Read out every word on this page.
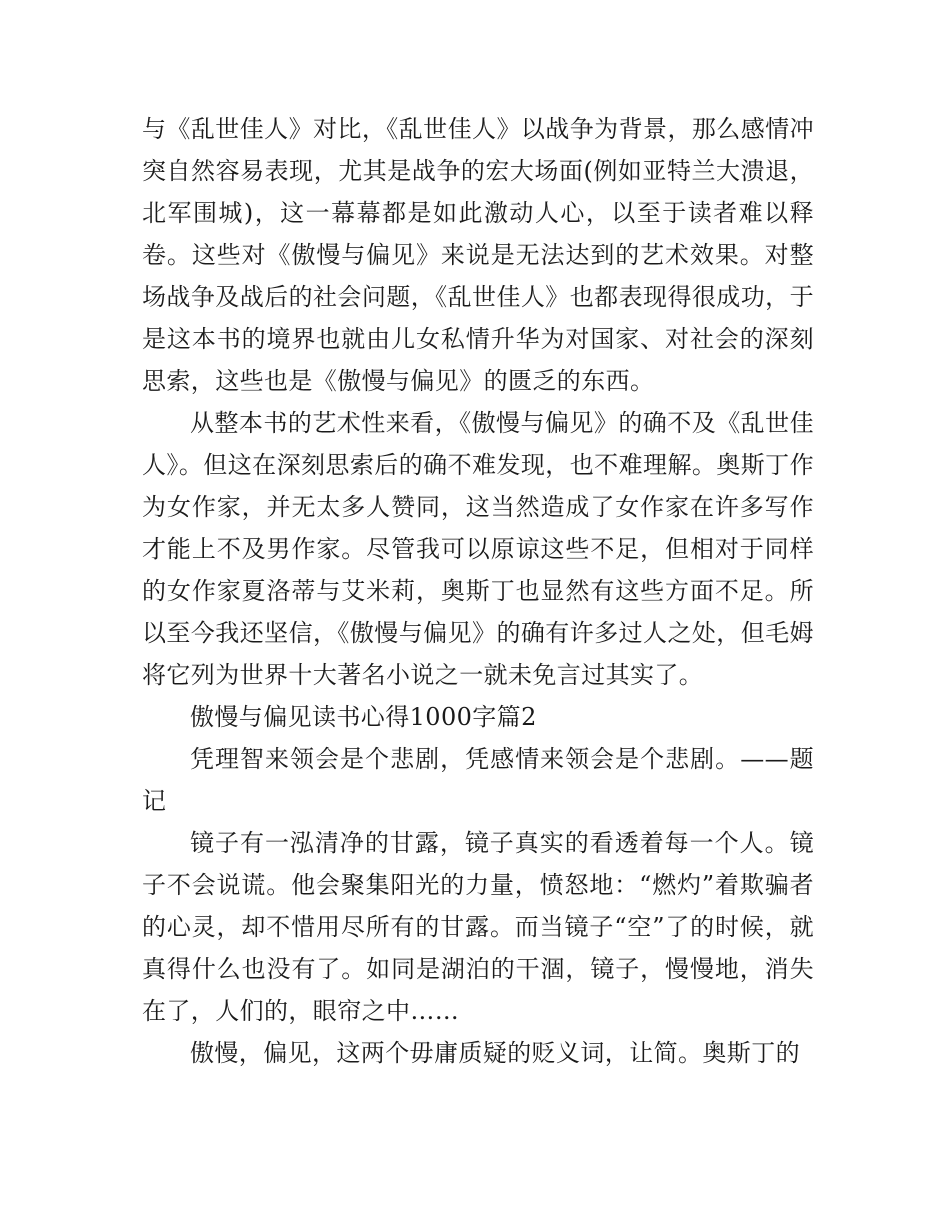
与《乱世佳人》对比，《乱世佳人》以战争为背景，那么感情冲突自然容易表现，尤其是战争的宏大场面(例如亚特兰大溃退，北军围城)，这一幕幕都是如此激动人心，以至于读者难以释卷。这些对《傲慢与偏见》来说是无法达到的艺术效果。对整场战争及战后的社会问题，《乱世佳人》也都表现得很成功，于是这本书的境界也就由儿女私情升华为对国家、对社会的深刻思索，这些也是《傲慢与偏见》的匮乏的东西。

从整本书的艺术性来看，《傲慢与偏见》的确不及《乱世佳人》。但这在深刻思索后的确不难发现，也不难理解。奥斯丁作为女作家，并无太多人赞同，这当然造成了女作家在许多写作才能上不及男作家。尽管我可以原谅这些不足，但相对于同样的女作家夏洛蒂与艾米莉，奥斯丁也显然有这些方面不足。所以至今我还坚信，《傲慢与偏见》的确有许多过人之处，但毛姆将它列为世界十大著名小说之一就未免言过其实了。

傲慢与偏见读书心得1000字篇2

凭理智来领会是个悲剧，凭感情来领会是个悲剧。——题记

镜子有一泓清净的甘露，镜子真实的看透着每一个人。镜子不会说谎。他会聚集阳光的力量，愤怒地：“燃灼”着欺骗者的心灵，却不惜用尽所有的甘露。而当镜子“空”了的时候，就真得什么也没有了。如同是湖泊的干涸，镜子，慢慢地，消失在了，人们的，眼帘之中……

傲慢，偏见，这两个毋庸质疑的贬义词，让简。奥斯丁的
